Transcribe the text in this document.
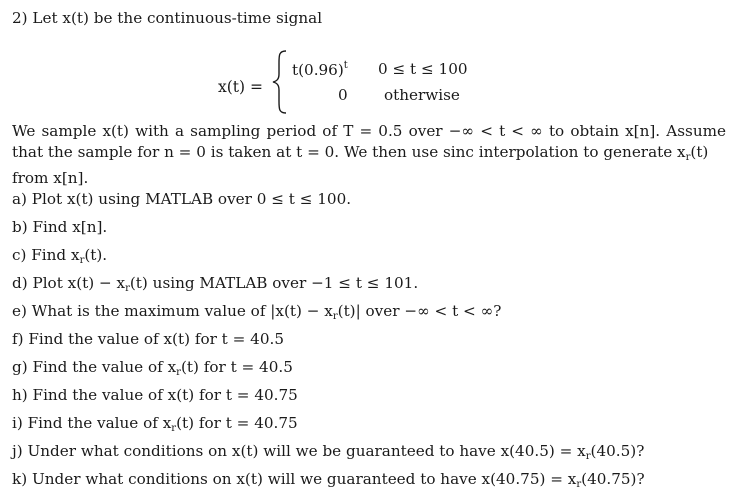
2) Let x(t) be the continuous-time signal
x(t) =
$t(0.96)^t$ 0 ≤ t ≤ 100
0 otherwise
We sample x(t) with a sampling period of T = 0.5 over −∞ < t < ∞ to obtain x[n]. Assume
that the sample for n = 0 is taken at t = 0. We then use sinc interpolation to generate $x_r(t)$
from x[n].
a) Plot x(t) using MATLAB over 0 ≤ t ≤ 100.
b) Find x[n].
c) Find $x_r(t)$.
d) Plot $x(t) - x_r(t)$ using MATLAB over −1 ≤ t ≤ 101.
e) What is the maximum value of $|x(t) - x_r(t)|$ over −∞ < t < ∞?
f) Find the value of x(t) for t = 40.5
g) Find the value of $x_r(t)$ for t = 40.5
h) Find the value of x(t) for t = 40.75
i) Find the value of $x_r(t)$ for t = 40.75
j) Under what conditions on x(t) will we be guaranteed to have $x(40.5) = x_r(40.5)$?
k) Under what conditions on x(t) will we guaranteed to have $x(40.75) = x_r(40.75)$?
